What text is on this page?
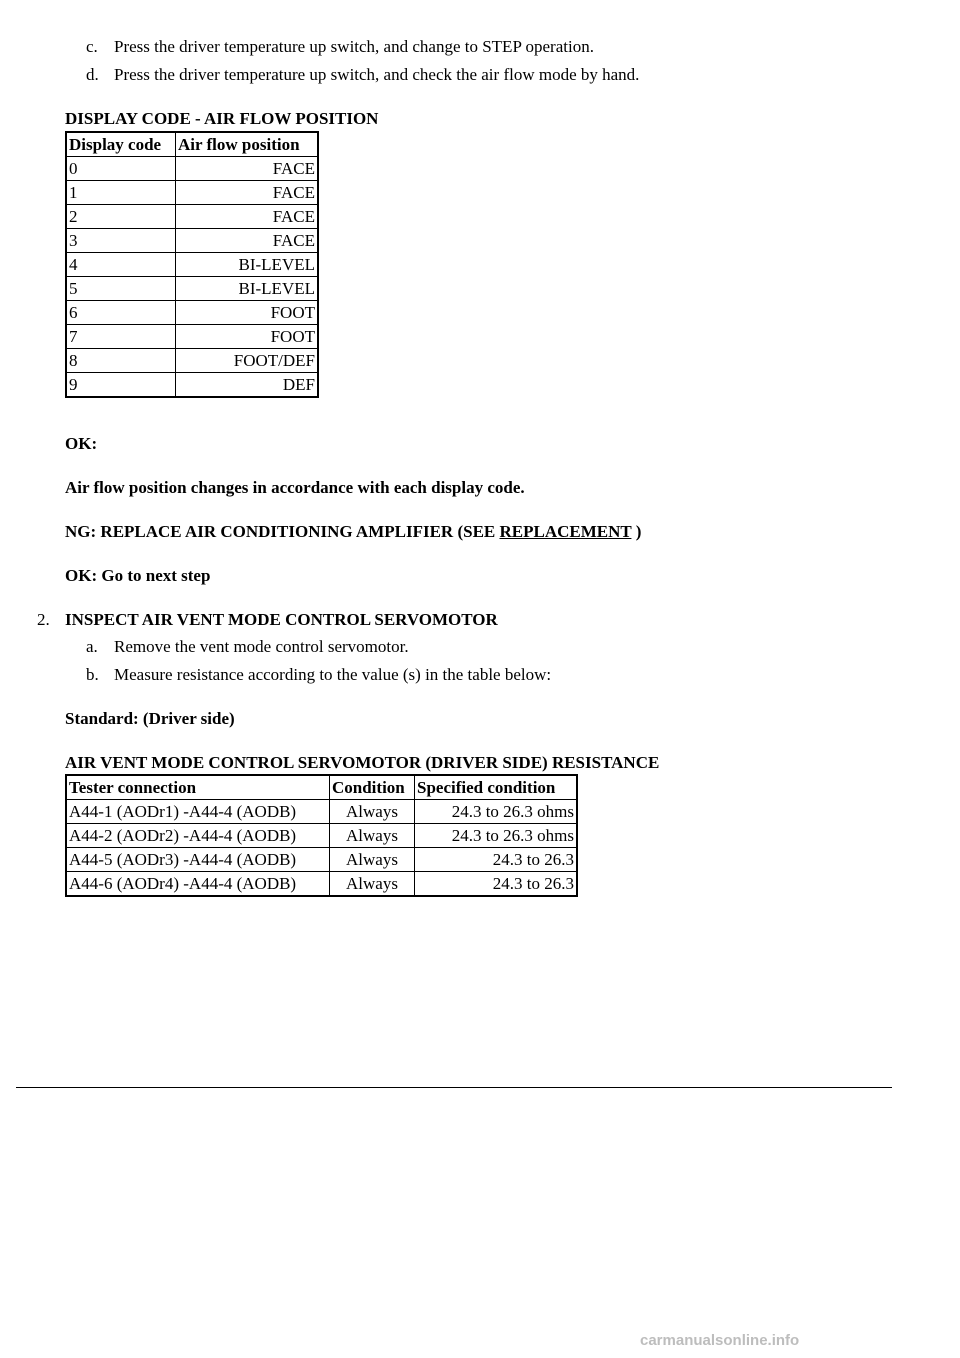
c. Press the driver temperature up switch, and change to STEP operation.
d. Press the driver temperature up switch, and check the air flow mode by hand.
DISPLAY CODE - AIR FLOW POSITION
Display code	Air flow position
0	FACE
1	FACE
2	FACE
3	FACE
4	BI-LEVEL
5	BI-LEVEL
6	FOOT
7	FOOT
8	FOOT/DEF
9	DEF
OK:
Air flow position changes in accordance with each display code.
NG: REPLACE AIR CONDITIONING AMPLIFIER (SEE REPLACEMENT )
OK: Go to next step
2. INSPECT AIR VENT MODE CONTROL SERVOMOTOR
a. Remove the vent mode control servomotor.
b. Measure resistance according to the value (s) in the table below:
Standard: (Driver side)
AIR VENT MODE CONTROL SERVOMOTOR (DRIVER SIDE) RESISTANCE
Tester connection	Condition	Specified condition
A44-1 (AODr1) -A44-4 (AODB)	Always	24.3 to 26.3 ohms
A44-2 (AODr2) -A44-4 (AODB)	Always	24.3 to 26.3 ohms
A44-5 (AODr3) -A44-4 (AODB)	Always	24.3 to 26.3
A44-6 (AODr4) -A44-4 (AODB)	Always	24.3 to 26.3
carmanualsonline.info
